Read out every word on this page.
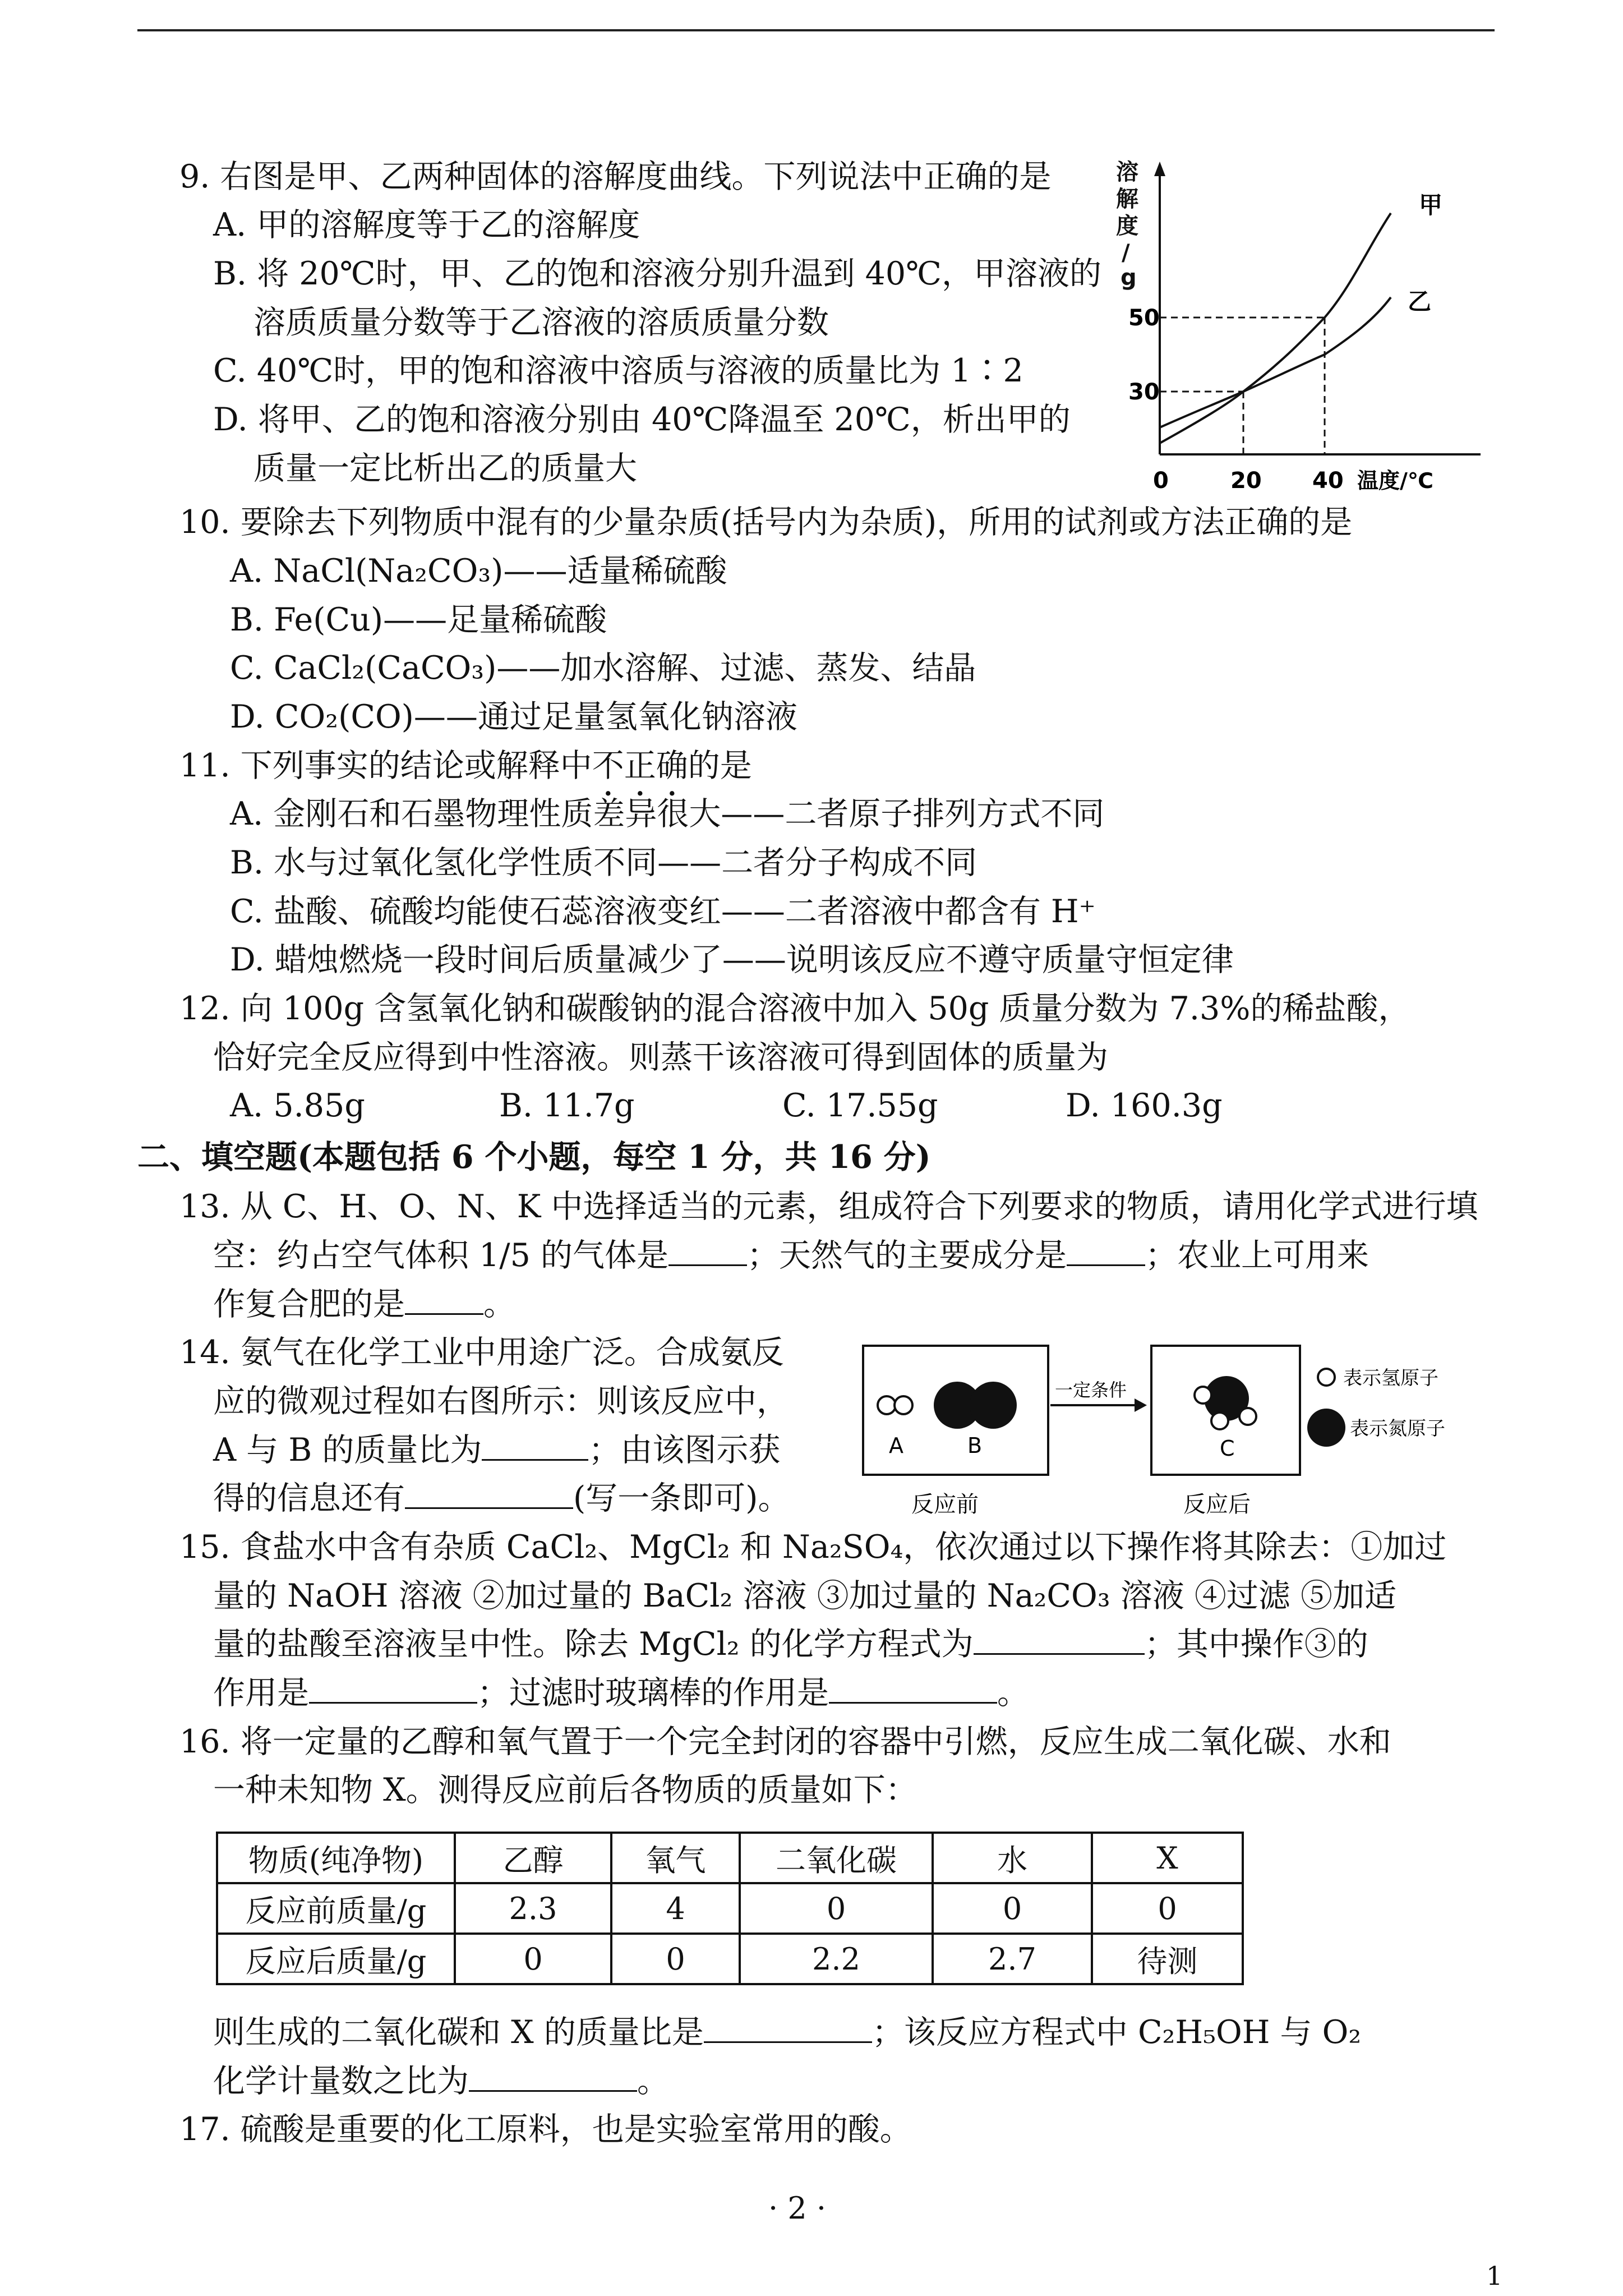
9. 右图是甲、乙两种固体的溶解度曲线。下列说法中正确的是
A. 甲的溶解度等于乙的溶解度
B. 将 20℃时，甲、乙的饱和溶液分别升温到 40℃，甲溶液的
溶质质量分数等于乙溶液的溶质质量分数
C. 40℃时，甲的饱和溶液中溶质与溶液的质量比为 1∶2
D. 将甲、乙的饱和溶液分别由 40℃降温至 20℃，析出甲的
质量一定比析出乙的质量大
溶
解
度
/
g
甲
乙
50
30
0	20 40 温度/℃
10. 要除去下列物质中混有的少量杂质(括号内为杂质)，所用的试剂或方法正确的是
A. NaCl(Na₂CO₃)——适量稀硫酸
B. Fe(Cu)——足量稀硫酸
C. CaCl₂(CaCO₃)——加水溶解、过滤、蒸发、结晶
D. CO₂(CO)——通过足量氢氧化钠溶液
11. 下列事实的结论或解释中不正确的是
A. 金刚石和石墨物理性质差异很大——二者原子排列方式不同
B. 水与过氧化氢化学性质不同——二者分子构成不同
C. 盐酸、硫酸均能使石蕊溶液变红——二者溶液中都含有 H⁺
D. 蜡烛燃烧一段时间后质量减少了——说明该反应不遵守质量守恒定律
12. 向 100g 含氢氧化钠和碳酸钠的混合溶液中加入 50g 质量分数为 7.3%的稀盐酸，
恰好完全反应得到中性溶液。则蒸干该溶液可得到固体的质量为
A. 5.85g	B. 11.7g	C. 17.55g	D. 160.3g
二、填空题(本题包括 6 个小题，每空 1 分，共 16 分)
13. 从 C、H、O、N、K 中选择适当的元素，组成符合下列要求的物质，请用化学式进行填
空：约占空气体积 1/5 的气体是 ；天然气的主要成分是 ；农业上可用来
作复合肥的是 。
14. 氨气在化学工业中用途广泛。合成氨反
应的微观过程如右图所示：则该反应中，
A 与 B 的质量比为	；由该图示获
得的信息还有	(写一条即可)。
A	B
一定条件
C
反应前	反应后
表示氢原子
表示氮原子
15. 食盐水中含有杂质 CaCl₂、MgCl₂ 和 Na₂SO₄，依次通过以下操作将其除去：①加过
量的 NaOH 溶液 ②加过量的 BaCl₂ 溶液 ③加过量的 Na₂CO₃ 溶液 ④过滤 ⑤加适
量的盐酸至溶液呈中性。除去 MgCl₂ 的化学方程式为	；其中操作③的
作用是	；过滤时玻璃棒的作用是	。
16. 将一定量的乙醇和氧气置于一个完全封闭的容器中引燃，反应生成二氧化碳、水和
一种未知物 X。测得反应前后各物质的质量如下：
物质(纯净物)	乙醇	氧气	二氧化碳	水	X
反应前质量/g	2.3	4	0	0	0
反应后质量/g	0	0	2.2	2.7	待测
则生成的二氧化碳和 X 的质量比是	；该反应方程式中 C₂H₅OH 与 O₂
化学计量数之比为	。
17. 硫酸是重要的化工原料，也是实验室常用的酸。
· 2 ·
1
